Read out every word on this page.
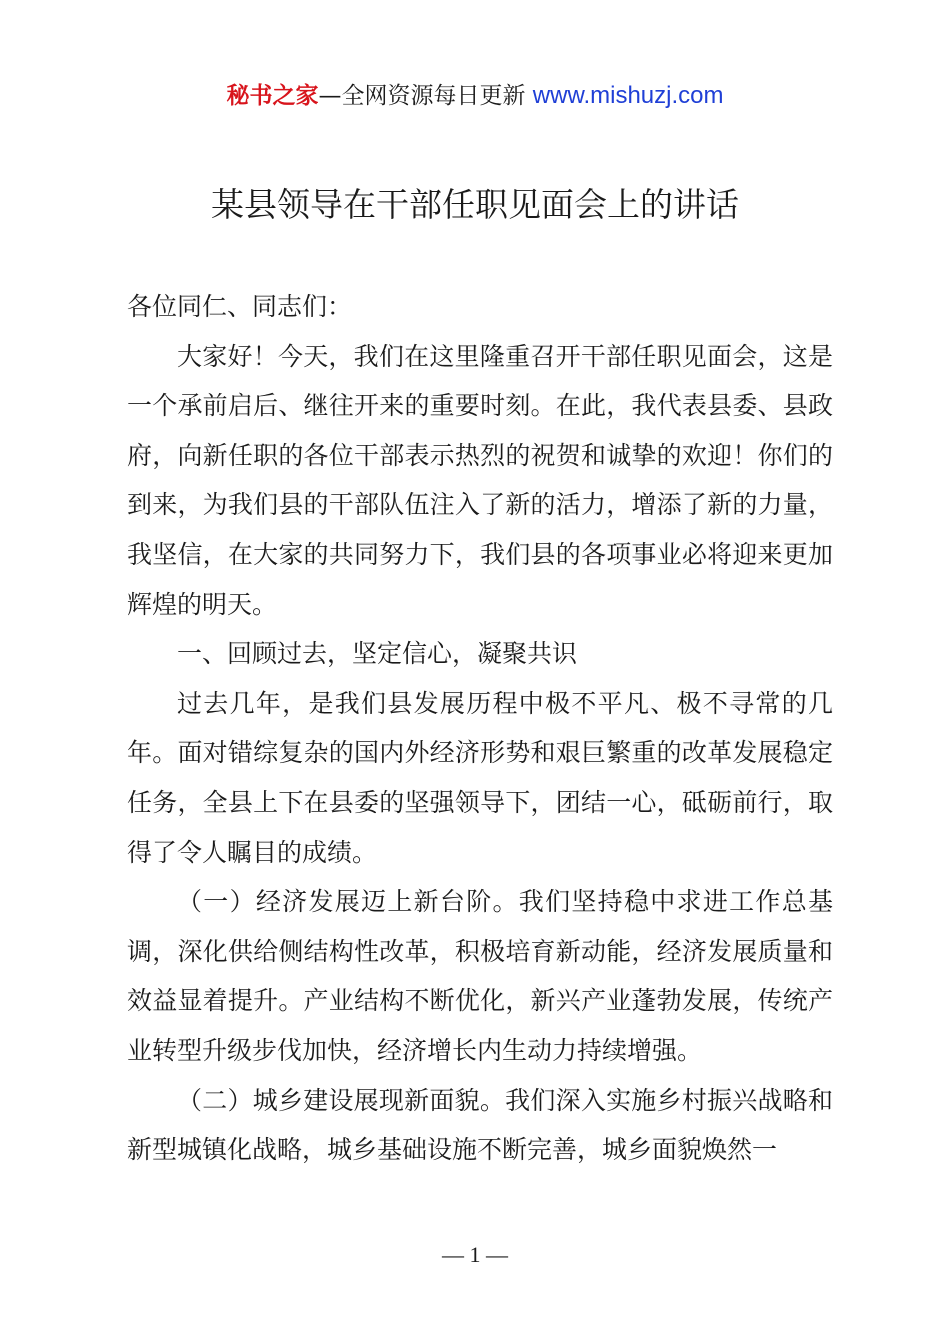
秘书之家—全网资源每日更新 www.mishuzj.com
某县领导在干部任职见面会上的讲话

各位同仁、同志们：

大家好！今天，我们在这里隆重召开干部任职见面会，这是一个承前启后、继往开来的重要时刻。在此，我代表县委、县政府，向新任职的各位干部表示热烈的祝贺和诚挚的欢迎！你们的到来，为我们县的干部队伍注入了新的活力，增添了新的力量，我坚信，在大家的共同努力下，我们县的各项事业必将迎来更加辉煌的明天。

一、回顾过去，坚定信心，凝聚共识

过去几年，是我们县发展历程中极不平凡、极不寻常的几年。面对错综复杂的国内外经济形势和艰巨繁重的改革发展稳定任务，全县上下在县委的坚强领导下，团结一心，砥砺前行，取得了令人瞩目的成绩。

（一）经济发展迈上新台阶。我们坚持稳中求进工作总基调，深化供给侧结构性改革，积极培育新动能，经济发展质量和效益显着提升。产业结构不断优化，新兴产业蓬勃发展，传统产业转型升级步伐加快，经济增长内生动力持续增强。

（二）城乡建设展现新面貌。我们深入实施乡村振兴战略和新型城镇化战略，城乡基础设施不断完善，城乡面貌焕然一

— 1 —
